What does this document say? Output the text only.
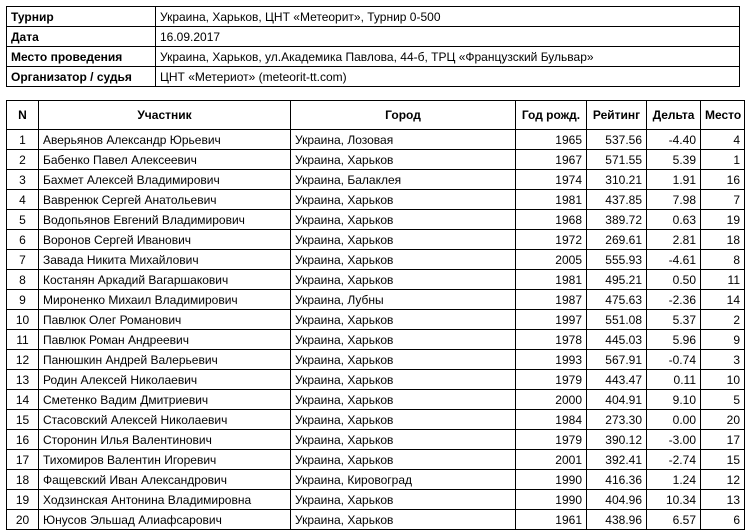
Турнир	Украина, Харьков, ЦНТ «Метеорит», Турнир 0-500
Дата	16.09.2017
Место проведения	Украина, Харьков, ул.Академика Павлова, 44-б, ТРЦ «Французский Бульвар»
Организатор / судья	ЦНТ «Метериот» (meteorit-tt.com)
N	Участник	Город	Год рожд.	Рейтинг	Дельта	Место
1	Аверьянов Александр Юрьевич	Украина, Лозовая	1965	537.56	-4.40	4
2	Бабенко Павел Алексеевич	Украина, Харьков	1967	571.55	5.39	1
3	Бахмет Алексей Владимирович	Украина, Балаклея	1974	310.21	1.91	16
4	Вавренюк Сергей Анатольевич	Украина, Харьков	1981	437.85	7.98	7
5	Водопьянов Евгений Владимирович	Украина, Харьков	1968	389.72	0.63	19
6	Воронов Сергей Иванович	Украина, Харьков	1972	269.61	2.81	18
7	Завада Никита Михайлович	Украина, Харьков	2005	555.93	-4.61	8
8	Костанян Аркадий Вагаршакович	Украина, Харьков	1981	495.21	0.50	11
9	Мироненко Михаил Владимирович	Украина, Лубны	1987	475.63	-2.36	14
10	Павлюк Олег Романович	Украина, Харьков	1997	551.08	5.37	2
11	Павлюк Роман Андреевич	Украина, Харьков	1978	445.03	5.96	9
12	Панюшкин Андрей Валерьевич	Украина, Харьков	1993	567.91	-0.74	3
13	Родин Алексей Николаевич	Украина, Харьков	1979	443.47	0.11	10
14	Сметенко Вадим Дмитриевич	Украина, Харьков	2000	404.91	9.10	5
15	Стасовский Алексей Николаевич	Украина, Харьков	1984	273.30	0.00	20
16	Сторонин Илья Валентинович	Украина, Харьков	1979	390.12	-3.00	17
17	Тихомиров Валентин Игоревич	Украина, Харьков	2001	392.41	-2.74	15
18	Фащевский Иван Александрович	Украина, Кировоград	1990	416.36	1.24	12
19	Ходзинская Антонина Владимировна	Украина, Харьков	1990	404.96	10.34	13
20	Юнусов Эльшад Алиафсарович	Украина, Харьков	1961	438.96	6.57	6
